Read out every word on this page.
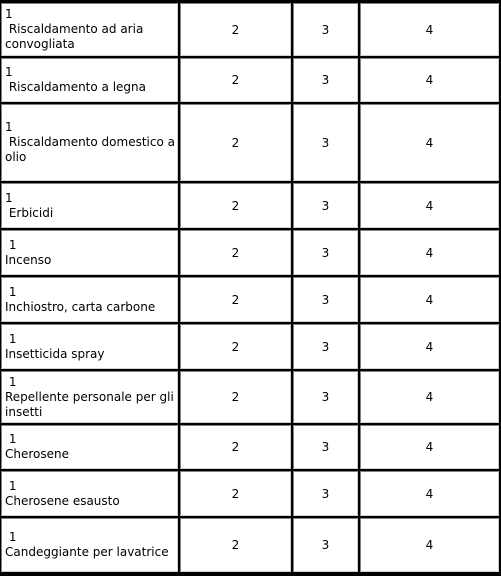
1
Riscaldamento ad aria convogliata
2	3	4
1
Riscaldamento a legna	2	3	4
1
Riscaldamento domestico a olio
2	3	4
1
Erbicidi	2	3	4
1
Incenso	2	3	4
1
Inchiostro, carta carbone	2	3	4
1
Insetticida spray	2	3	4
1
Repellente personale per gli insetti
2	3	4
1
Cherosene	2	3	4
1
Cherosene esausto	2	3	4
1
Candeggiante per lavatrice	2	3	4
